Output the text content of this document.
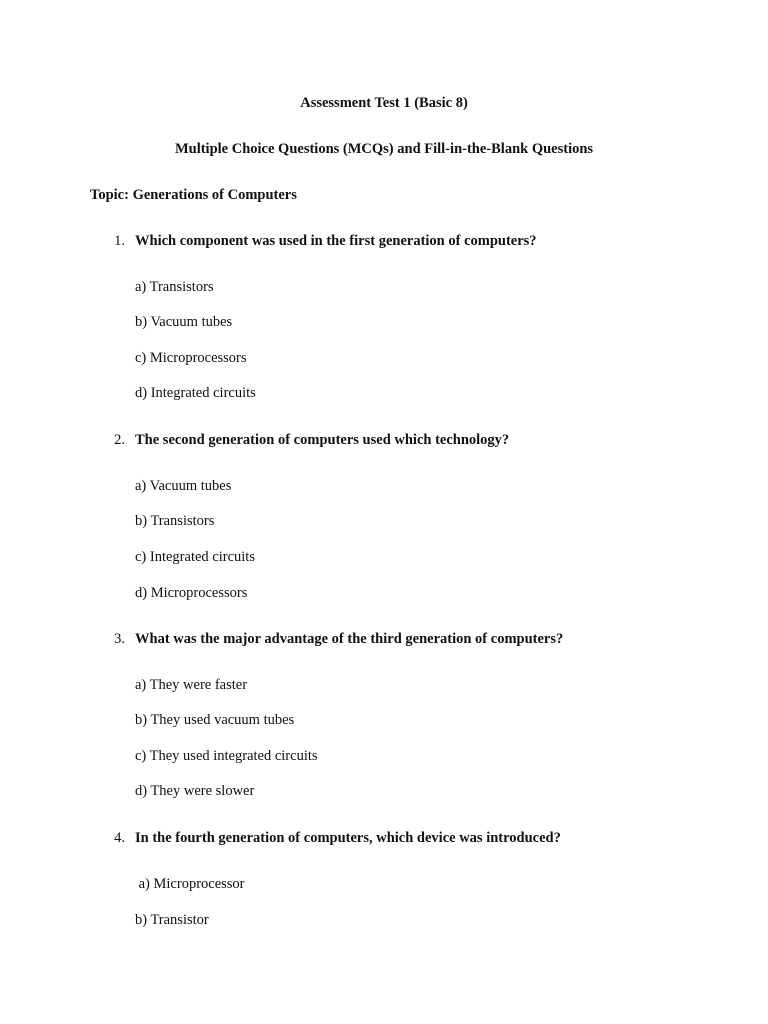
Assessment Test 1 (Basic 8)
Multiple Choice Questions (MCQs) and Fill-in-the-Blank Questions
Topic: Generations of Computers
1. Which component was used in the first generation of computers?
a) Transistors
b) Vacuum tubes
c) Microprocessors
d) Integrated circuits
2. The second generation of computers used which technology?
a) Vacuum tubes
b) Transistors
c) Integrated circuits
d) Microprocessors
3. What was the major advantage of the third generation of computers?
a) They were faster
b) They used vacuum tubes
c) They used integrated circuits
d) They were slower
4. In the fourth generation of computers, which device was introduced?
a) Microprocessor
b) Transistor
